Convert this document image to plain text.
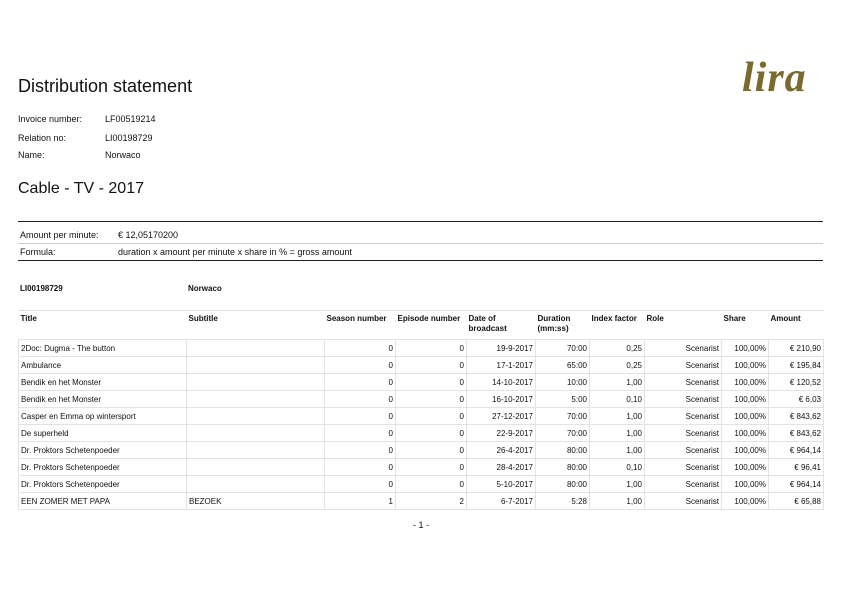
Distribution statement	lira
Invoice number:	LF00519214
Relation no:	LI00198729
Name:	Norwaco
Cable - TV - 2017
Amount per minute: € 12,05170200
Formula:	duration x amount per minute x share in % = gross amount
LI00198729	Norwaco
Title	Subtitle	Season number	Episode number	Date of broadcast	Duration (mm:ss)	Index factor	Role	Share	Amount
2Doc: Dugma - The button		0	0	19-9-2017	70:00	0,25	Scenarist	100,00%	€ 210,90
Ambulance		0	0	17-1-2017	65:00	0,25	Scenarist	100,00%	€ 195,84
Bendik en het Monster		0	0	14-10-2017	10:00	1,00	Scenarist	100,00%	€ 120,52
Bendik en het Monster		0	0	16-10-2017	5:00	0,10	Scenarist	100,00%	€ 6,03
Casper en Emma op wintersport		0	0	27-12-2017	70:00	1,00	Scenarist	100,00%	€ 843,62
De superheld		0	0	22-9-2017	70:00	1,00	Scenarist	100,00%	€ 843,62
Dr. Proktors Schetenpoeder		0	0	26-4-2017	80:00	1,00	Scenarist	100,00%	€ 964,14
Dr. Proktors Schetenpoeder		0	0	28-4-2017	80:00	0,10	Scenarist	100,00%	€ 96,41
Dr. Proktors Schetenpoeder		0	0	5-10-2017	80:00	1,00	Scenarist	100,00%	€ 964,14
EEN ZOMER MET PAPA	BEZOEK	1	2	6-7-2017	5:28	1,00	Scenarist	100,00%	€ 65,88
- 1 -
